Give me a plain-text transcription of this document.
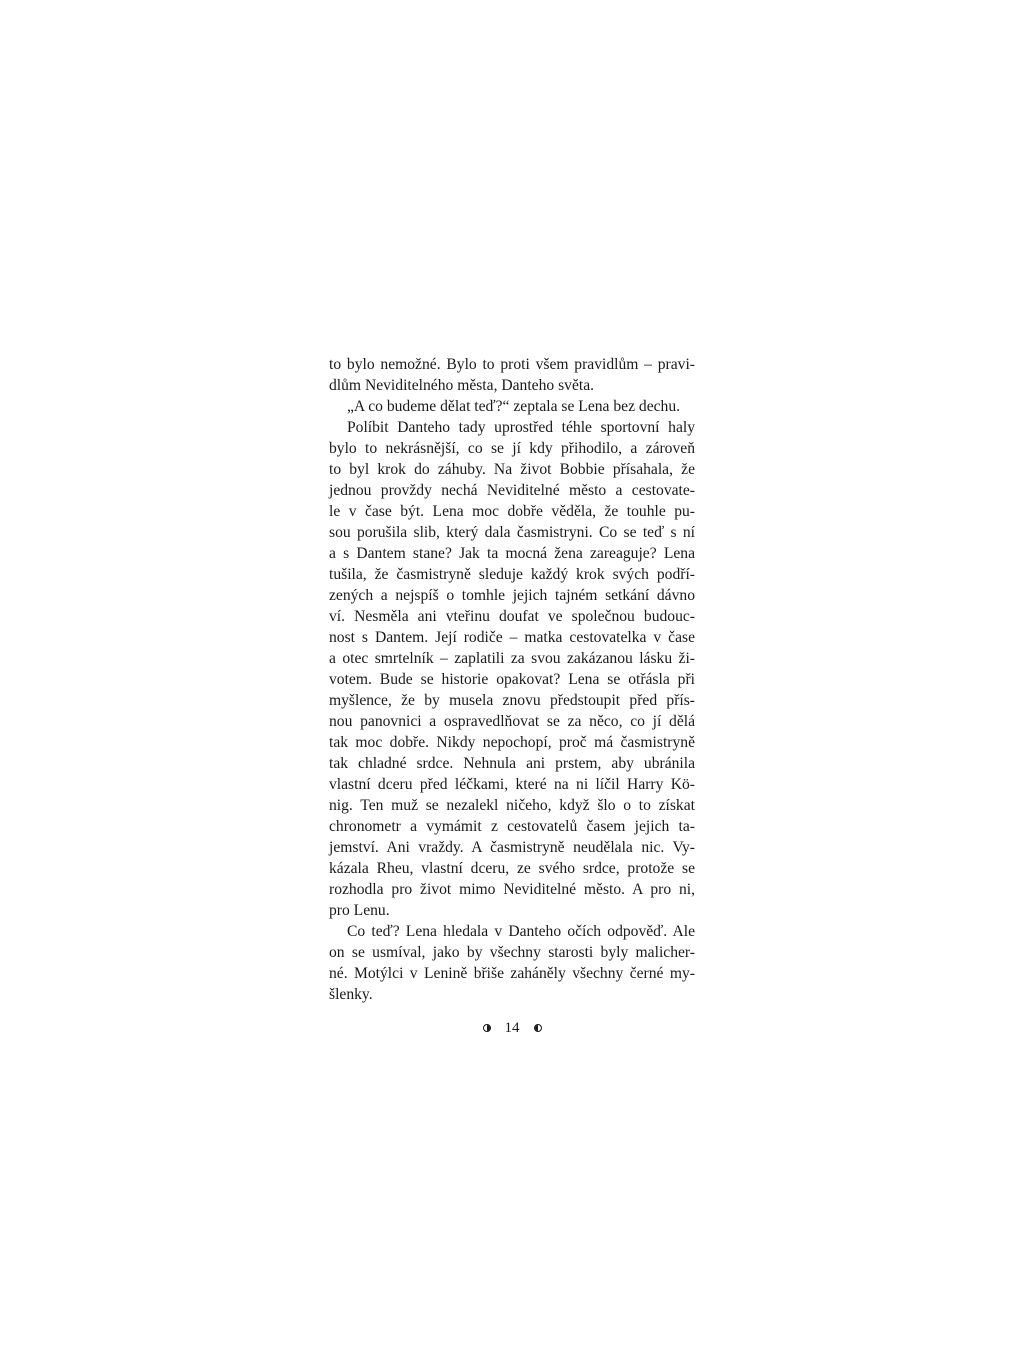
to bylo nemožné. Bylo to proti všem pravidlům – pravi-
dlům Neviditelného města, Danteho světa.
„A co budeme dělat teď?“ zeptala se Lena bez dechu.
Políbit Danteho tady uprostřed téhle sportovní haly
bylo to nekrásnější, co se jí kdy přihodilo, a zároveň
to byl krok do záhuby. Na život Bobbie přísahala, že
jednou provždy nechá Neviditelné město a cestovate-
le v čase být. Lena moc dobře věděla, že touhle pu-
sou porušila slib, který dala časmistryni. Co se teď s ní
a s Dantem stane? Jak ta mocná žena zareaguje? Lena
tušila, že časmistryně sleduje každý krok svých podří-
zených a nejspíš o tomhle jejich tajném setkání dávno
ví. Nesměla ani vteřinu doufat ve společnou budouc-
nost s Dantem. Její rodiče – matka cestovatelka v čase
a otec smrtelník – zaplatili za svou zakázanou lásku ži-
votem. Bude se historie opakovat? Lena se otřásla při
myšlence, že by musela znovu předstoupit před přís-
nou panovnici a ospravedlňovat se za něco, co jí dělá
tak moc dobře. Nikdy nepochopí, proč má časmistryně
tak chladné srdce. Nehnula ani prstem, aby ubránila
vlastní dceru před léčkami, které na ni líčil Harry Kö-
nig. Ten muž se nezalekl ničeho, když šlo o to získat
chronometr a vymámit z cestovatelů časem jejich ta-
jemství. Ani vraždy. A časmistryně neudělala nic. Vy-
kázala Rheu, vlastní dceru, ze svého srdce, protože se
rozhodla pro život mimo Neviditelné město. A pro ni,
pro Lenu.
Co teď? Lena hledala v Danteho očích odpověď. Ale
on se usmíval, jako by všechny starosti byly malicher-
né. Motýlci v Lenině břiše zaháněly všechny černé my-
šlenky.
14
